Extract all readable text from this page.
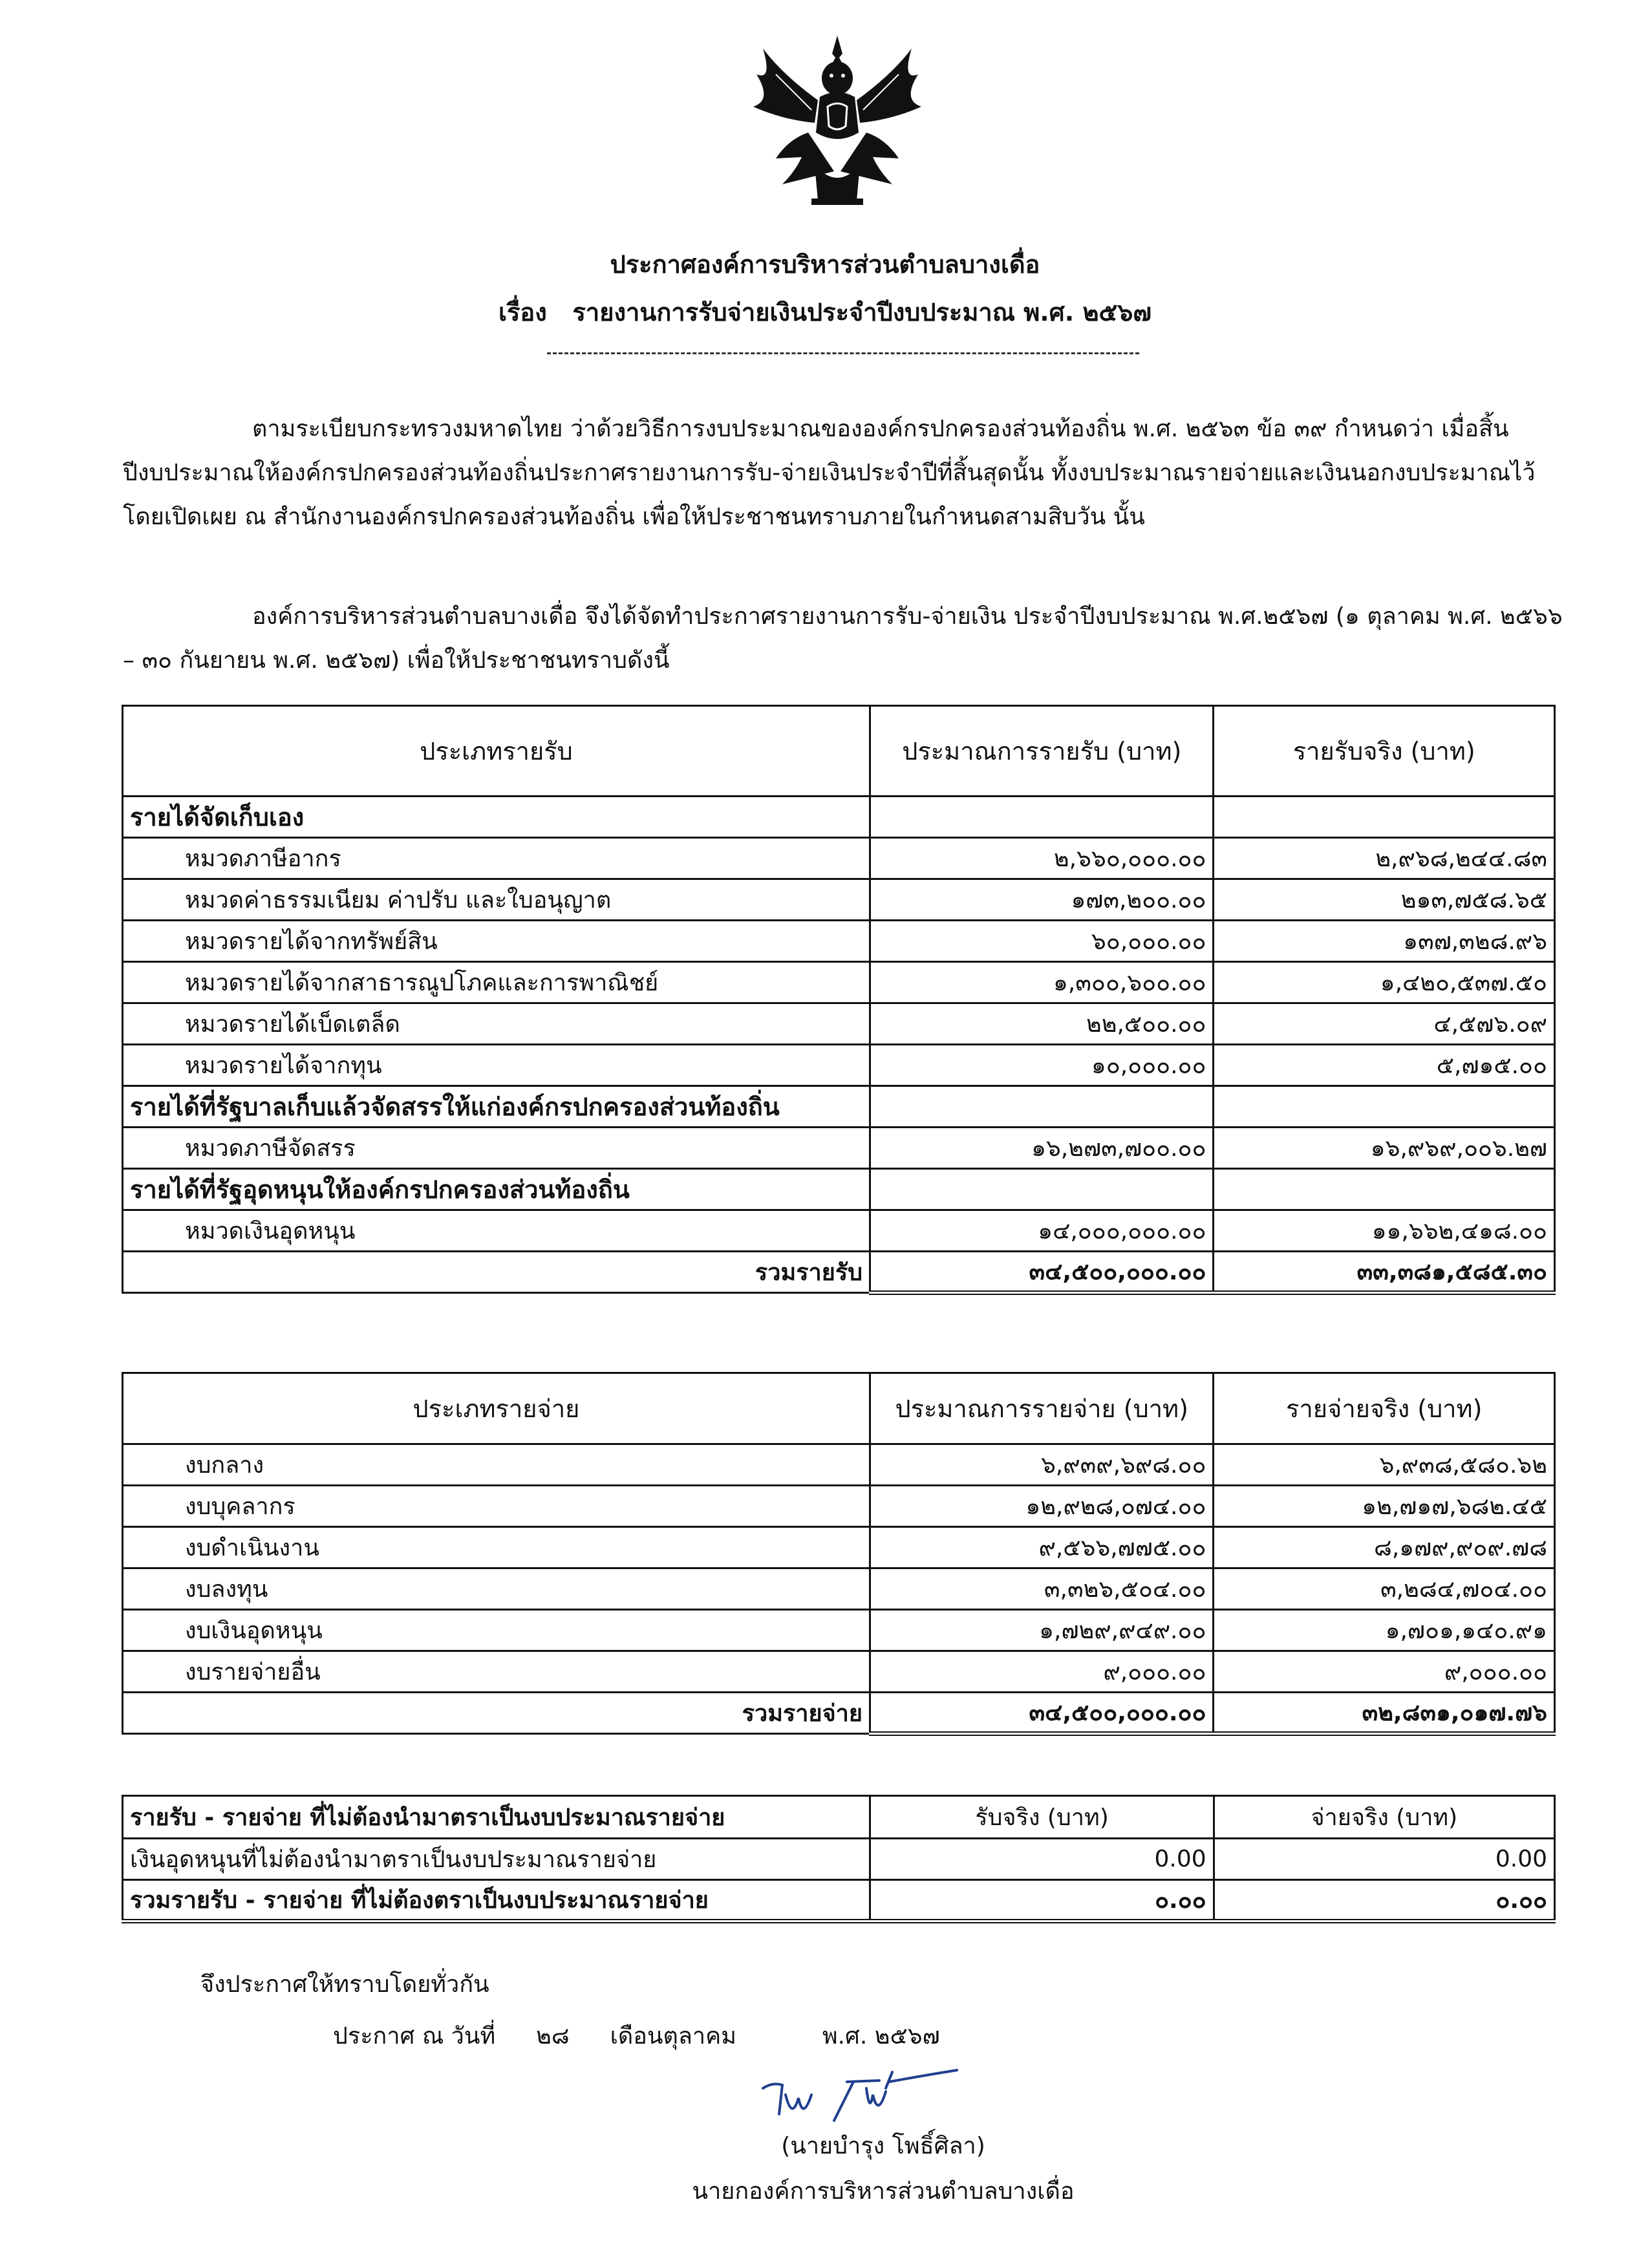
ประกาศองค์การบริหารส่วนตำบลบางเดื่อ
เรื่อง รายงานการรับจ่ายเงินประจำปีงบประมาณ พ.ศ. ๒๕๖๗
ตามระเบียบกระทรวงมหาดไทย ว่าด้วยวิธีการงบประมาณขององค์กรปกครองส่วนท้องถิ่น พ.ศ. ๒๕๖๓ ข้อ ๓๙ กำหนดว่า เมื่อสิ้นปีงบประมาณให้องค์กรปกครองส่วนท้องถิ่นประกาศรายงานการรับ-จ่ายเงินประจำปีที่สิ้นสุดนั้น ทั้งงบประมาณรายจ่ายและเงินนอกงบประมาณไว้โดยเปิดเผย ณ สำนักงานองค์กรปกครองส่วนท้องถิ่น เพื่อให้ประชาชนทราบภายในกำหนดสามสิบวัน นั้น
องค์การบริหารส่วนตำบลบางเดื่อ จึงได้จัดทำประกาศรายงานการรับ-จ่ายเงิน ประจำปีงบประมาณ พ.ศ.๒๕๖๗ (๑ ตุลาคม พ.ศ. ๒๕๖๖ – ๓๐ กันยายน พ.ศ. ๒๕๖๗) เพื่อให้ประชาชนทราบดังนี้
ประเภทรายรับ	ประมาณการรายรับ (บาท)	รายรับจริง (บาท)
รายได้จัดเก็บเอง		
หมวดภาษีอากร	๒,๖๖๐,๐๐๐.๐๐	๒,๙๖๘,๒๔๔.๘๓
หมวดค่าธรรมเนียม ค่าปรับ และใบอนุญาต	๑๗๓,๒๐๐.๐๐	๒๑๓,๗๕๘.๖๕
หมวดรายได้จากทรัพย์สิน	๖๐,๐๐๐.๐๐	๑๓๗,๓๒๘.๙๖
หมวดรายได้จากสาธารณูปโภคและการพาณิชย์	๑,๓๐๐,๖๐๐.๐๐	๑,๔๒๐,๕๓๗.๕๐
หมวดรายได้เบ็ดเตล็ด	๒๒,๕๐๐.๐๐	๔,๕๗๖.๐๙
หมวดรายได้จากทุน	๑๐,๐๐๐.๐๐	๕,๗๑๕.๐๐
รายได้ที่รัฐบาลเก็บแล้วจัดสรรให้แก่องค์กรปกครองส่วนท้องถิ่น		
หมวดภาษีจัดสรร	๑๖,๒๗๓,๗๐๐.๐๐	๑๖,๙๖๙,๐๐๖.๒๗
รายได้ที่รัฐอุดหนุนให้องค์กรปกครองส่วนท้องถิ่น		
หมวดเงินอุดหนุน	๑๔,๐๐๐,๐๐๐.๐๐	๑๑,๖๖๒,๔๑๘.๐๐
รวมรายรับ	๓๔,๕๐๐,๐๐๐.๐๐	๓๓,๓๘๑,๕๘๕.๓๐
ประเภทรายจ่าย	ประมาณการรายจ่าย (บาท)	รายจ่ายจริง (บาท)
งบกลาง	๖,๙๓๙,๖๙๘.๐๐	๖,๙๓๘,๕๘๐.๖๒
งบบุคลากร	๑๒,๙๒๘,๐๗๔.๐๐	๑๒,๗๑๗,๖๘๒.๔๕
งบดำเนินงาน	๙,๕๖๖,๗๗๕.๐๐	๘,๑๗๙,๙๐๙.๗๘
งบลงทุน	๓,๓๒๖,๕๐๔.๐๐	๓,๒๘๔,๗๐๔.๐๐
งบเงินอุดหนุน	๑,๗๒๙,๙๔๙.๐๐	๑,๗๐๑,๑๔๐.๙๑
งบรายจ่ายอื่น	๙,๐๐๐.๐๐	๙,๐๐๐.๐๐
รวมรายจ่าย	๓๔,๕๐๐,๐๐๐.๐๐	๓๒,๘๓๑,๐๑๗.๗๖
รายรับ - รายจ่าย ที่ไม่ต้องนำมาตราเป็นงบประมาณรายจ่าย	รับจริง (บาท)	จ่ายจริง (บาท)
เงินอุดหนุนที่ไม่ต้องนำมาตราเป็นงบประมาณรายจ่าย	0.00	0.00
รวมรายรับ - รายจ่าย ที่ไม่ต้องตราเป็นงบประมาณรายจ่าย	๐.๐๐	๐.๐๐
จึงประกาศให้ทราบโดยทั่วกัน
ประกาศ ณ วันที่ ๒๘ เดือนตุลาคม	พ.ศ. ๒๕๖๗
(นายบำรุง โพธิ์ศิลา)
นายกองค์การบริหารส่วนตำบลบางเดื่อ
